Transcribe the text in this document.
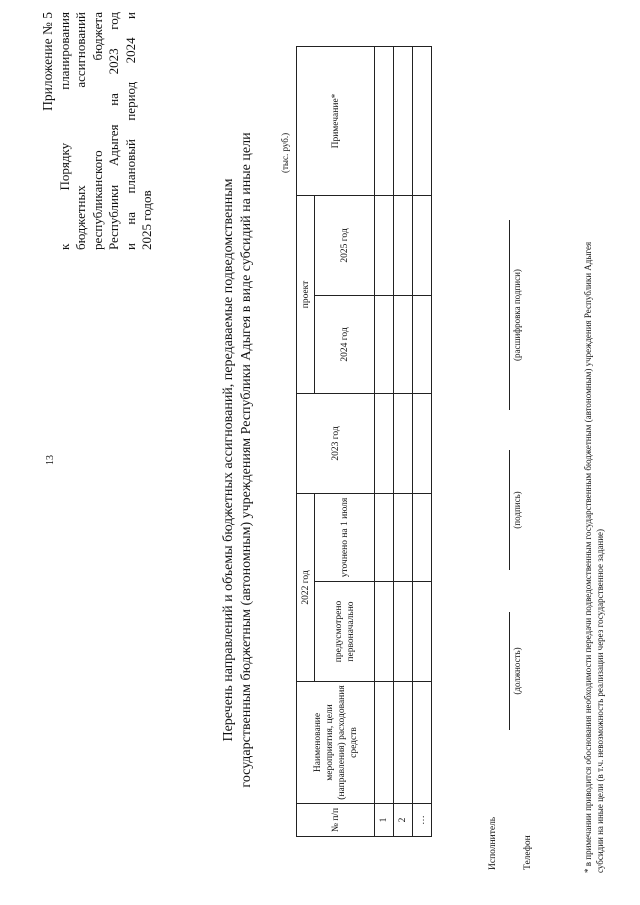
13
Приложение № 5
к
Порядку
планирования
бюджетных
ассигнований
республиканского
бюджета Республики Адыгея на 2023 год и на плановый период 2024 и 2025 годов	Перечень направлений и объемы бюджетных ассигнований, передаваемые подведомственным государственным бюджетным (автономным) учреждениям Республики Адыгея в виде субсидий на иные цели	(тыс. руб.)
№ п/п	Наименование мероприятия, цели (направления) расходования средств	2022 год		2023 год	проект		Примечание*
		предусмотрено первоначально	уточнено на 1 июля		2024 год	2025 год	
1							
2							
…								Исполнитель	Телефон
(должность)
(подпись)
(расшифровка подписи)	* в примечании приводится обоснования необходимости передачи подведомственным государственным бюджетным (автономным) учреждения Республики Адыгея субсидии на иные цели (в т.ч. невозможность реализации через государственное задание)
